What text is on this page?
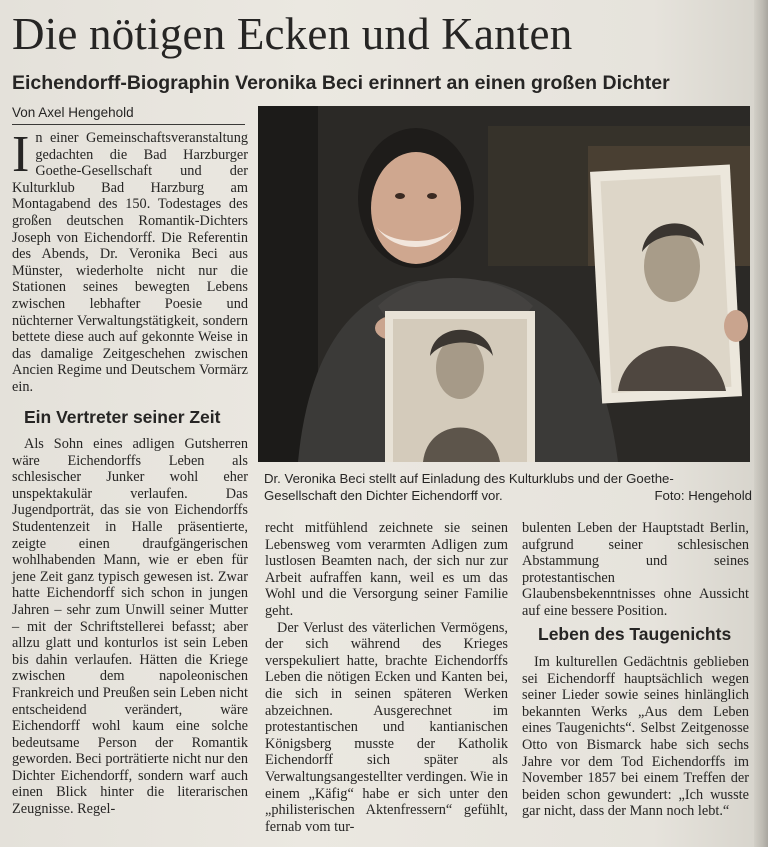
Die nötigen Ecken und Kanten
Eichendorff-Biographin Veronika Beci erinnert an einen großen Dichter
Von Axel Hengehold
In einer Gemeinschaftsveranstaltung gedachten die Bad Harzburger Goethe-Gesellschaft und der Kulturklub Bad Harzburg am Montagabend des 150. Todestages des großen deutschen Romantik-Dichters Joseph von Eichendorff. Die Referentin des Abends, Dr. Veronika Beci aus Münster, wiederholte nicht nur die Stationen seines bewegten Lebens zwischen lebhafter Poesie und nüchterner Verwaltungstätigkeit, sondern bettete diese auch auf gekonnte Weise in das damalige Zeitgeschehen zwischen Ancien Regime und Deutschem Vormärz ein.
Ein Vertreter seiner Zeit

Als Sohn eines adligen Gutsherren wäre Eichendorffs Leben als schlesischer Junker wohl eher unspektakulär verlaufen. Das Jugendporträt, das sie von Eichendorffs Studentenzeit in Halle präsentierte, zeigte einen draufgängerischen wohlhabenden Mann, wie er eben für jene Zeit ganz typisch gewesen ist. Zwar hatte Eichendorff sich schon in jungen Jahren – sehr zum Unwill seiner Mutter – mit der Schriftstellerei befasst; aber allzu glatt und konturlos ist sein Leben bis dahin verlaufen. Hätten die Kriege zwischen dem napoleonischen Frankreich und Preußen sein Leben nicht entscheidend verändert, wäre Eichendorff wohl kaum eine solche bedeutsame Person der Romantik geworden. Beci porträtierte nicht nur den Dichter Eichendorff, sondern warf auch einen Blick hinter die literarischen Zeugnisse. Regel-

recht mitfühlend zeichnete sie seinen Lebensweg vom verarmten Adligen zum lustlosen Beamten nach, der sich nur zur Arbeit aufraffen kann, weil es um das Wohl und die Versorgung seiner Familie geht.

Der Verlust des väterlichen Vermögens, der sich während des Krieges verspekuliert hatte, brachte Eichendorffs Leben die nötigen Ecken und Kanten bei, die sich in seinen späteren Werken abzeichnen. Ausgerechnet im protestantischen und kantianischen Königsberg musste der Katholik Eichendorff sich später als Verwaltungsangestellter verdingen. Wie in einem „Käfig“ habe er sich unter den „philisterischen Aktenfressern“ gefühlt, fernab vom tur-

bulenten Leben der Hauptstadt Berlin, aufgrund seiner schlesischen Abstammung und seines protestantischen Glaubensbekenntnisses ohne Aussicht auf eine bessere Position.

Leben des Taugenichts

Im kulturellen Gedächtnis geblieben sei Eichendorff hauptsächlich wegen seiner Lieder sowie seines hinlänglich bekannten Werks „Aus dem Leben eines Taugenichts“. Selbst Zeitgenosse Otto von Bismarck habe sich sechs Jahre vor dem Tod Eichendorffs im November 1857 bei einem Treffen der beiden schon gewundert: „Ich wusste gar nicht, dass der Mann noch lebt.“

Dr. Veronika Beci stellt auf Einladung des Kulturklubs und der Goethe-
Gesellschaft den Dichter Eichendorff vor.	Foto: Hengehold
